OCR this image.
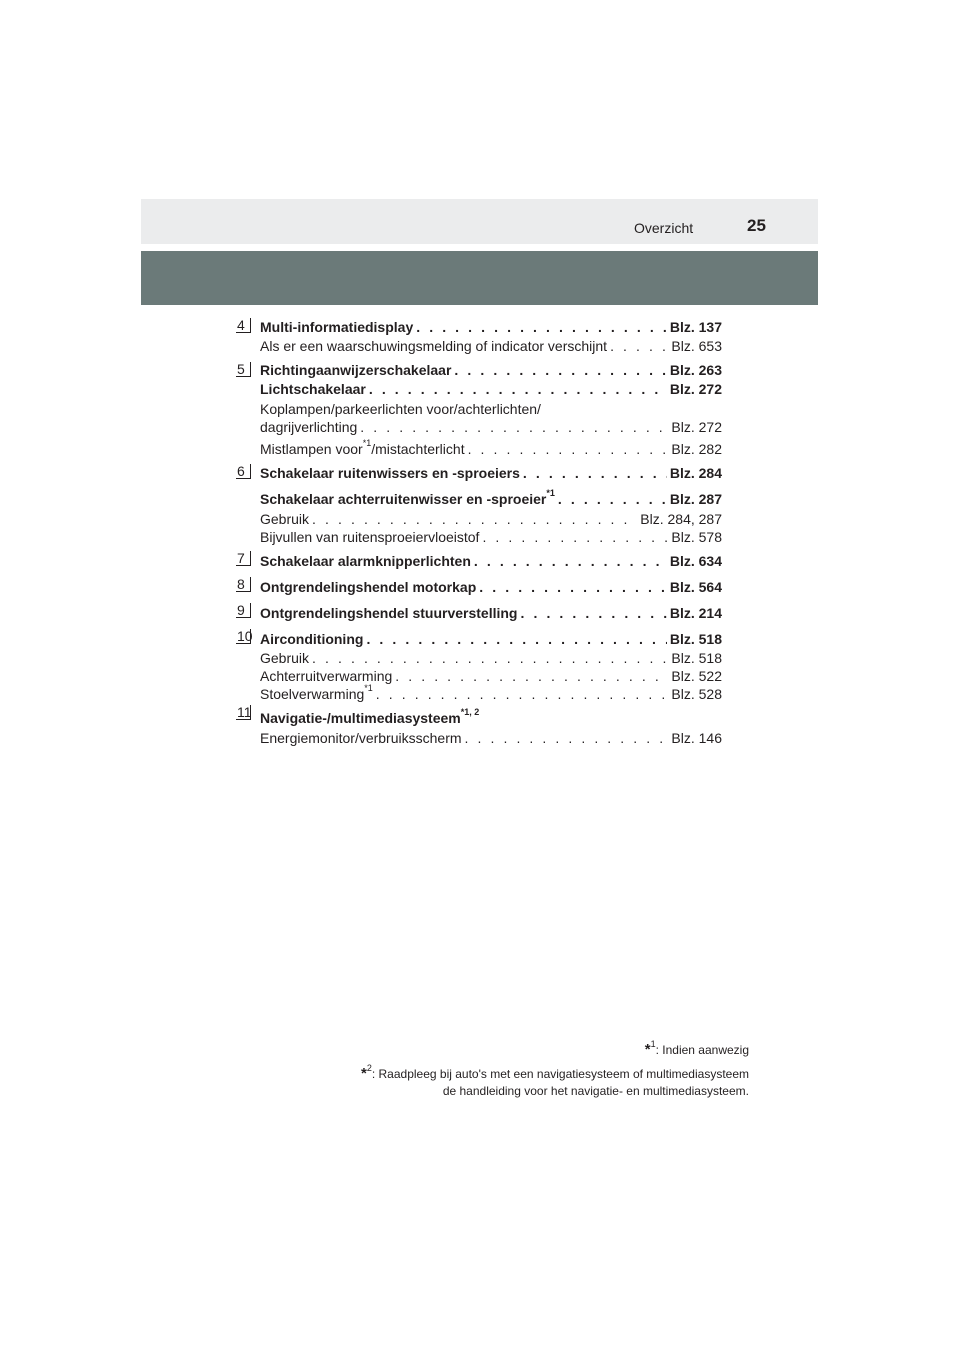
Overzicht	25
4
5
6
7
8
9
10
11
Multi-informatiedisplay . . .	Blz. 137
Als er een waarschuwingsmelding of indicator verschijnt . . .	Blz. 653
Richtingaanwijzerschakelaar . . .	Blz. 263
Lichtschakelaar . . .	Blz. 272
Koplampen/parkeerlichten voor/achterlichten/
dagrijverlichting . . .	Blz. 272
Mistlampen voor$^{*1}$/mistachterlicht . . .	Blz. 282
Schakelaar ruitenwissers en -sproeiers . . .	Blz. 284
Schakelaar achterruitenwisser en -sproeier$^{*1}$ . . .	Blz. 287
Gebruik . . .	Blz. 284, 287
Bijvullen van ruitensproeiervloeistof . . .	Blz. 578
Schakelaar alarmknipperlichten . . .	Blz. 634
Ontgrendelingshendel motorkap . . .	Blz. 564
Ontgrendelingshendel stuurverstelling . . .	Blz. 214
Airconditioning . . .	Blz. 518
Gebruik . . .	Blz. 518
Achterruitverwarming . . .	Blz. 522
Stoelverwarming$^{*1}$ . . .	Blz. 528
Navigatie-/multimediasysteem$^{*1, 2}$
Energiemonitor/verbruiksscherm . . .	Blz. 146
*$^1$: Indien aanwezig
*$^2$: Raadpleeg bij auto's met een navigatiesysteem of multimediasysteem
de handleiding voor het navigatie- en multimediasysteem.
